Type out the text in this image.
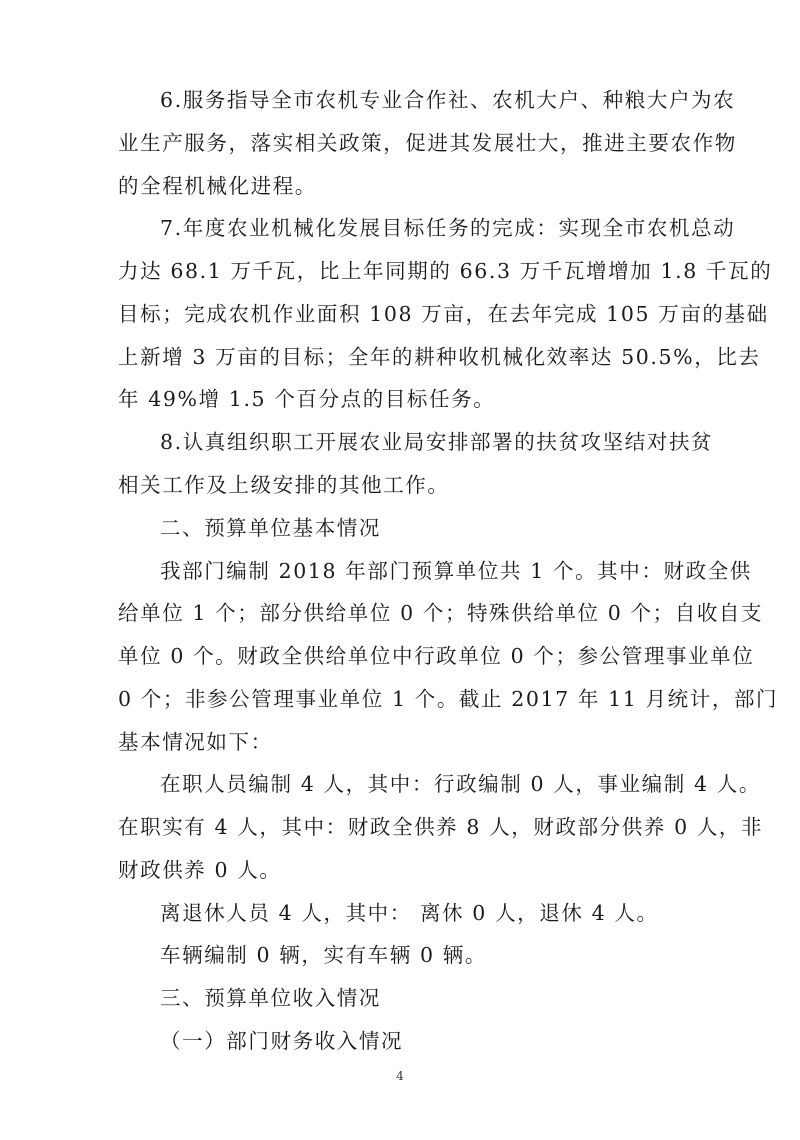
6.服务指导全市农机专业合作社、农机大户、种粮大户为农
业生产服务，落实相关政策，促进其发展壮大，推进主要农作物
的全程机械化进程。
7.年度农业机械化发展目标任务的完成：实现全市农机总动
力达 68.1 万千瓦，比上年同期的 66.3 万千瓦增增加 1.8 千瓦的
目标；完成农机作业面积 108 万亩，在去年完成 105 万亩的基础
上新增 3 万亩的目标；全年的耕种收机械化效率达 50.5%，比去
年 49%增 1.5 个百分点的目标任务。
8.认真组织职工开展农业局安排部署的扶贫攻坚结对扶贫
相关工作及上级安排的其他工作。
二、预算单位基本情况
我部门编制 2018 年部门预算单位共 1 个。其中：财政全供
给单位 1 个；部分供给单位 0 个；特殊供给单位 0 个；自收自支
单位 0 个。财政全供给单位中行政单位 0 个；参公管理事业单位
0 个；非参公管理事业单位 1 个。截止 2017 年 11 月统计，部门
基本情况如下：
在职人员编制 4 人，其中：行政编制 0 人，事业编制 4 人。
在职实有 4 人，其中：财政全供养 8 人，财政部分供养 0 人，非
财政供养 0 人。
离退休人员 4 人，其中： 离休 0 人，退休 4 人。
车辆编制 0 辆，实有车辆 0 辆。
三、预算单位收入情况
4
（一）部门财务收入情况
